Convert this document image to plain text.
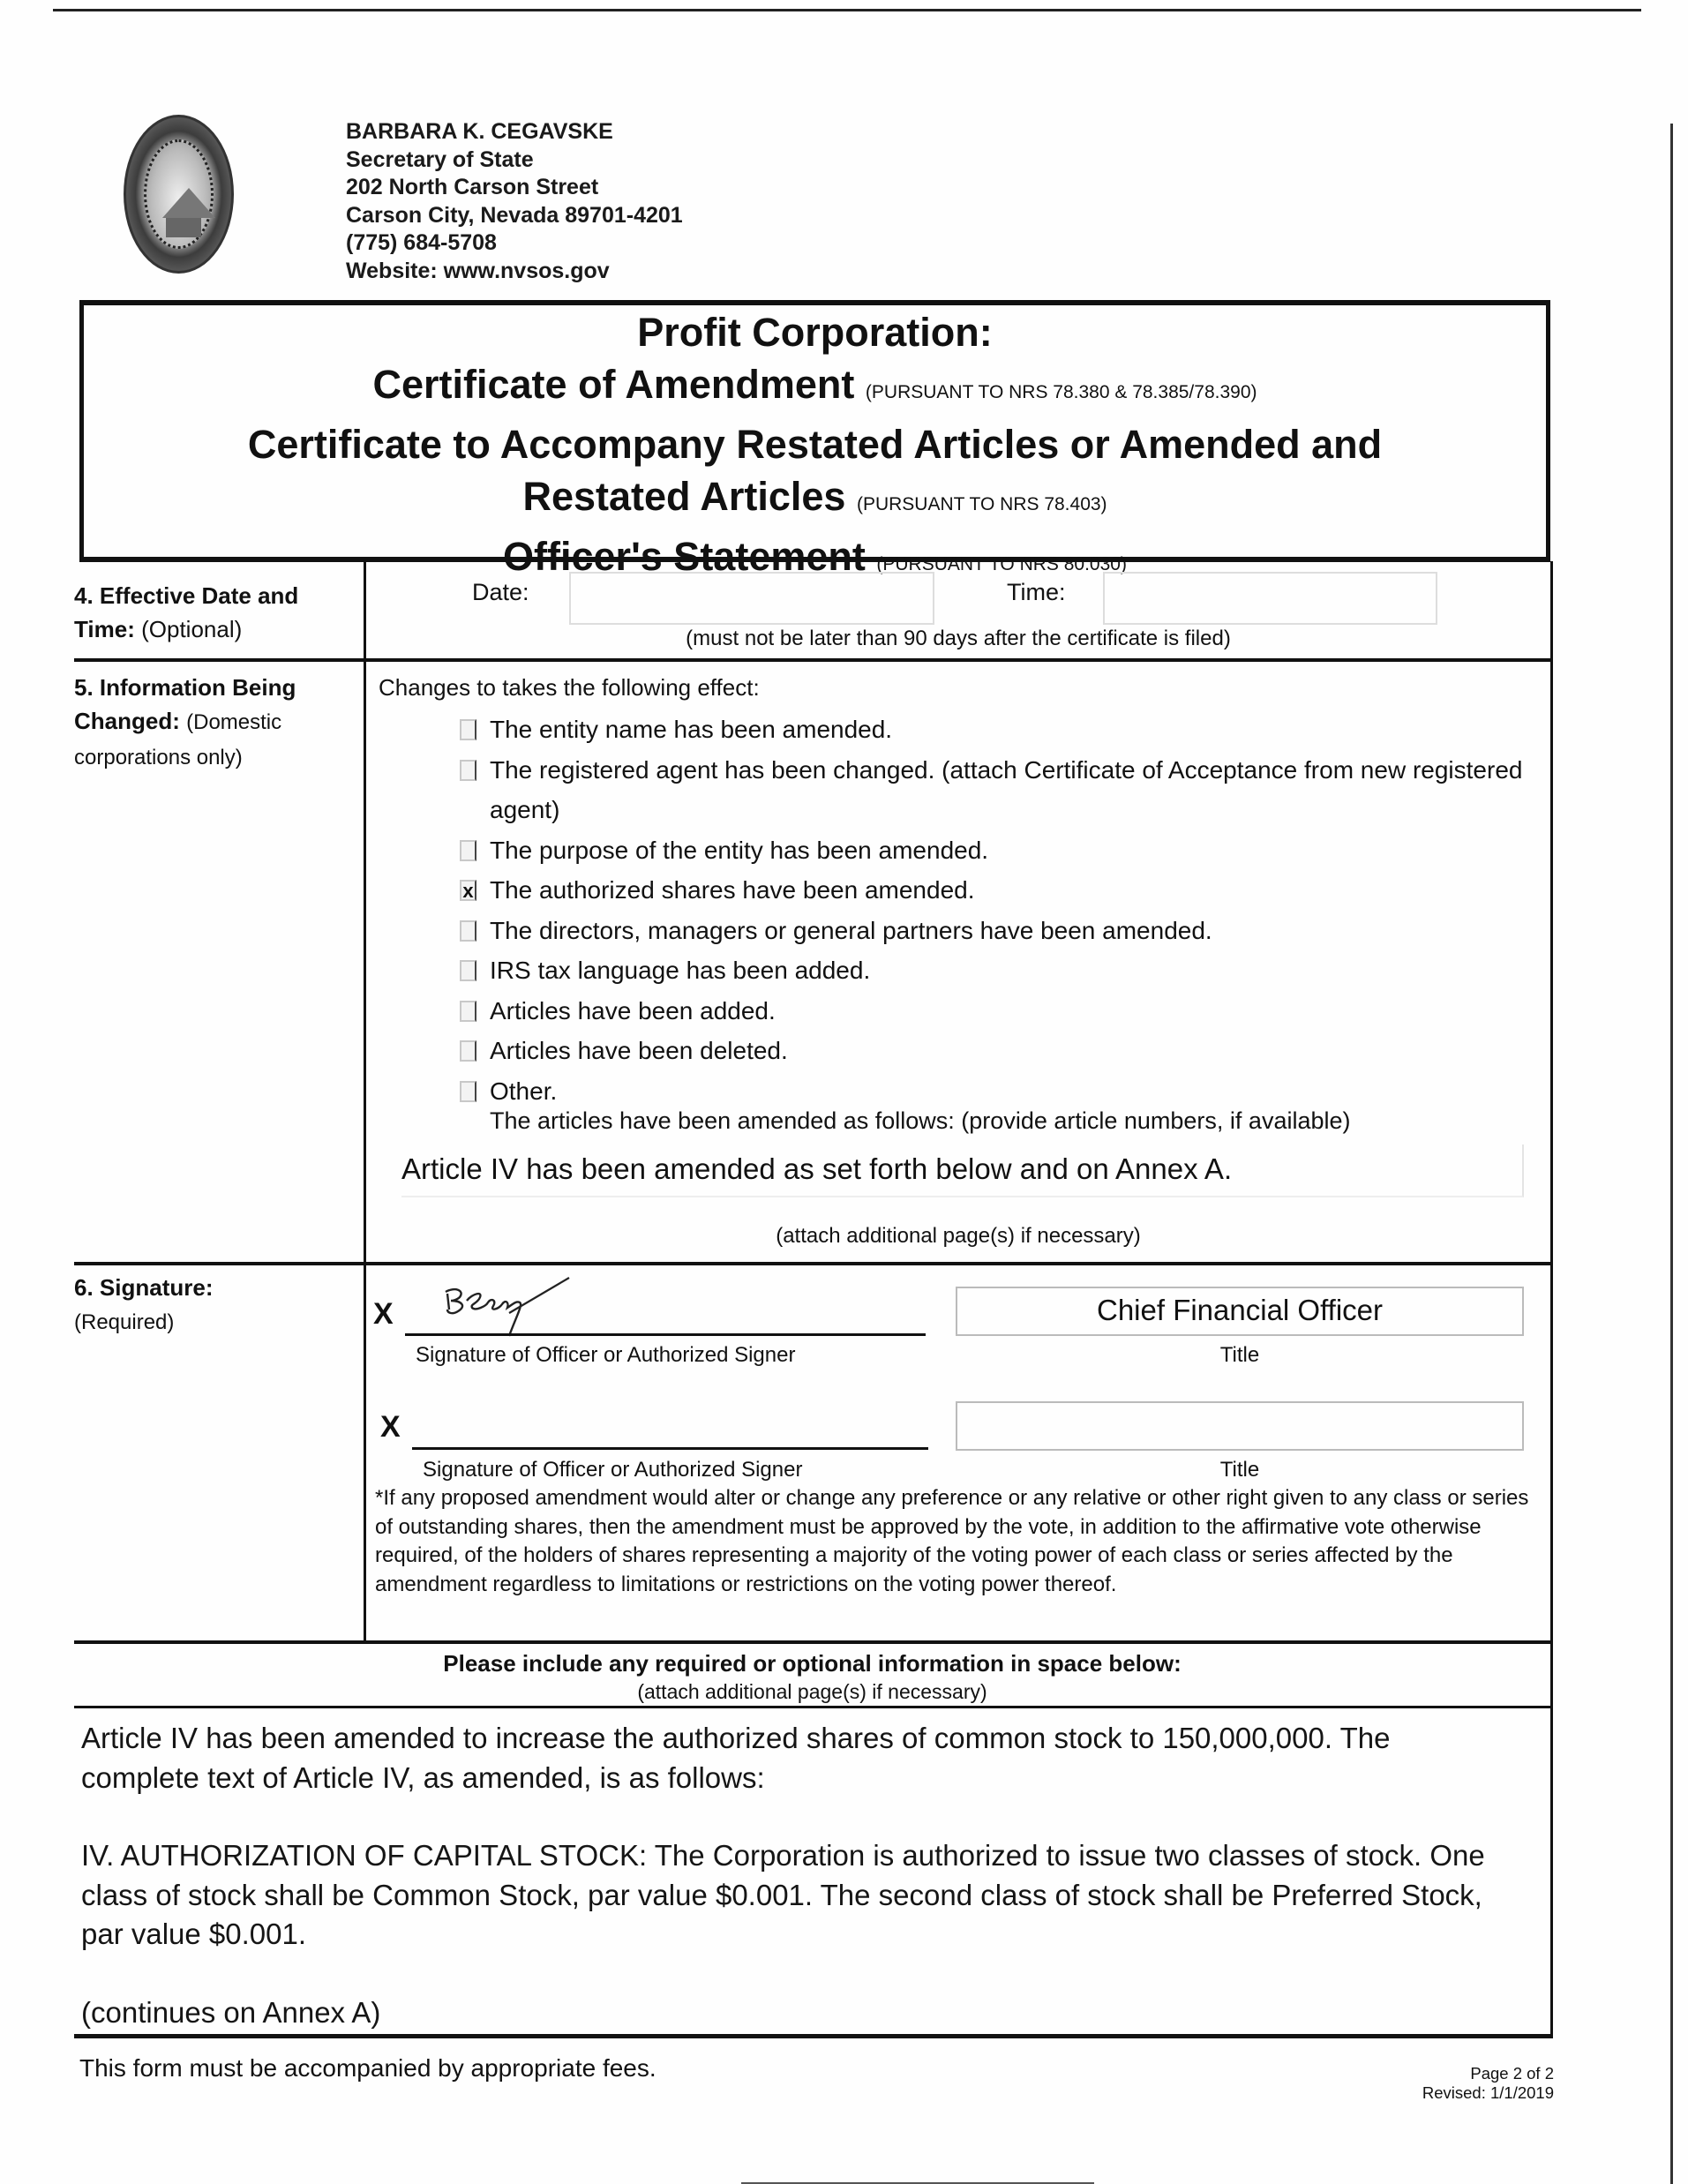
BARBARA K. CEGAVSKE
Secretary of State
202 North Carson Street
Carson City, Nevada 89701-4201
(775) 684-5708
Website: www.nvsos.gov
Profit Corporation:
Certificate of Amendment (PURSUANT TO NRS 78.380 & 78.385/78.390)
Certificate to Accompany Restated Articles or Amended and
Restated Articles (PURSUANT TO NRS 78.403)
Officer's Statement (PURSUANT TO NRS 80.030)
4. Effective Date and Time: (Optional)
Date:	Time:
(must not be later than 90 days after the certificate is filed)
5. Information Being Changed: (Domestic corporations only)
Changes to takes the following effect:
The entity name has been amended.
The registered agent has been changed. (attach Certificate of Acceptance from new registered agent)
The purpose of the entity has been amended.
x The authorized shares have been amended.
The directors, managers or general partners have been amended.
IRS tax language has been added.
Articles have been added.
Articles have been deleted.
Other.
The articles have been amended as follows: (provide article numbers, if available)
Article IV has been amended as set forth below and on Annex A.
(attach additional page(s) if necessary)
6. Signature:
(Required)	X
Signature of Officer or Authorized Signer
Chief Financial Officer
Title
X
Signature of Officer or Authorized Signer	Title
*If any proposed amendment would alter or change any preference or any relative or other right given to any class or series of outstanding shares, then the amendment must be approved by the vote, in addition to the affirmative vote otherwise required, of the holders of shares representing a majority of the voting power of each class or series affected by the amendment regardless to limitations or restrictions on the voting power thereof.
Please include any required or optional information in space below:
(attach additional page(s) if necessary)

Article IV has been amended to increase the authorized shares of common stock to 150,000,000. The complete text of Article IV, as amended, is as follows:

IV. AUTHORIZATION OF CAPITAL STOCK: The Corporation is authorized to issue two classes of stock. One class of stock shall be Common Stock, par value $0.001. The second class of stock shall be Preferred Stock, par value $0.001.

(continues on Annex A)

This form must be accompanied by appropriate fees.	Page 2 of 2
Revised: 1/1/2019
